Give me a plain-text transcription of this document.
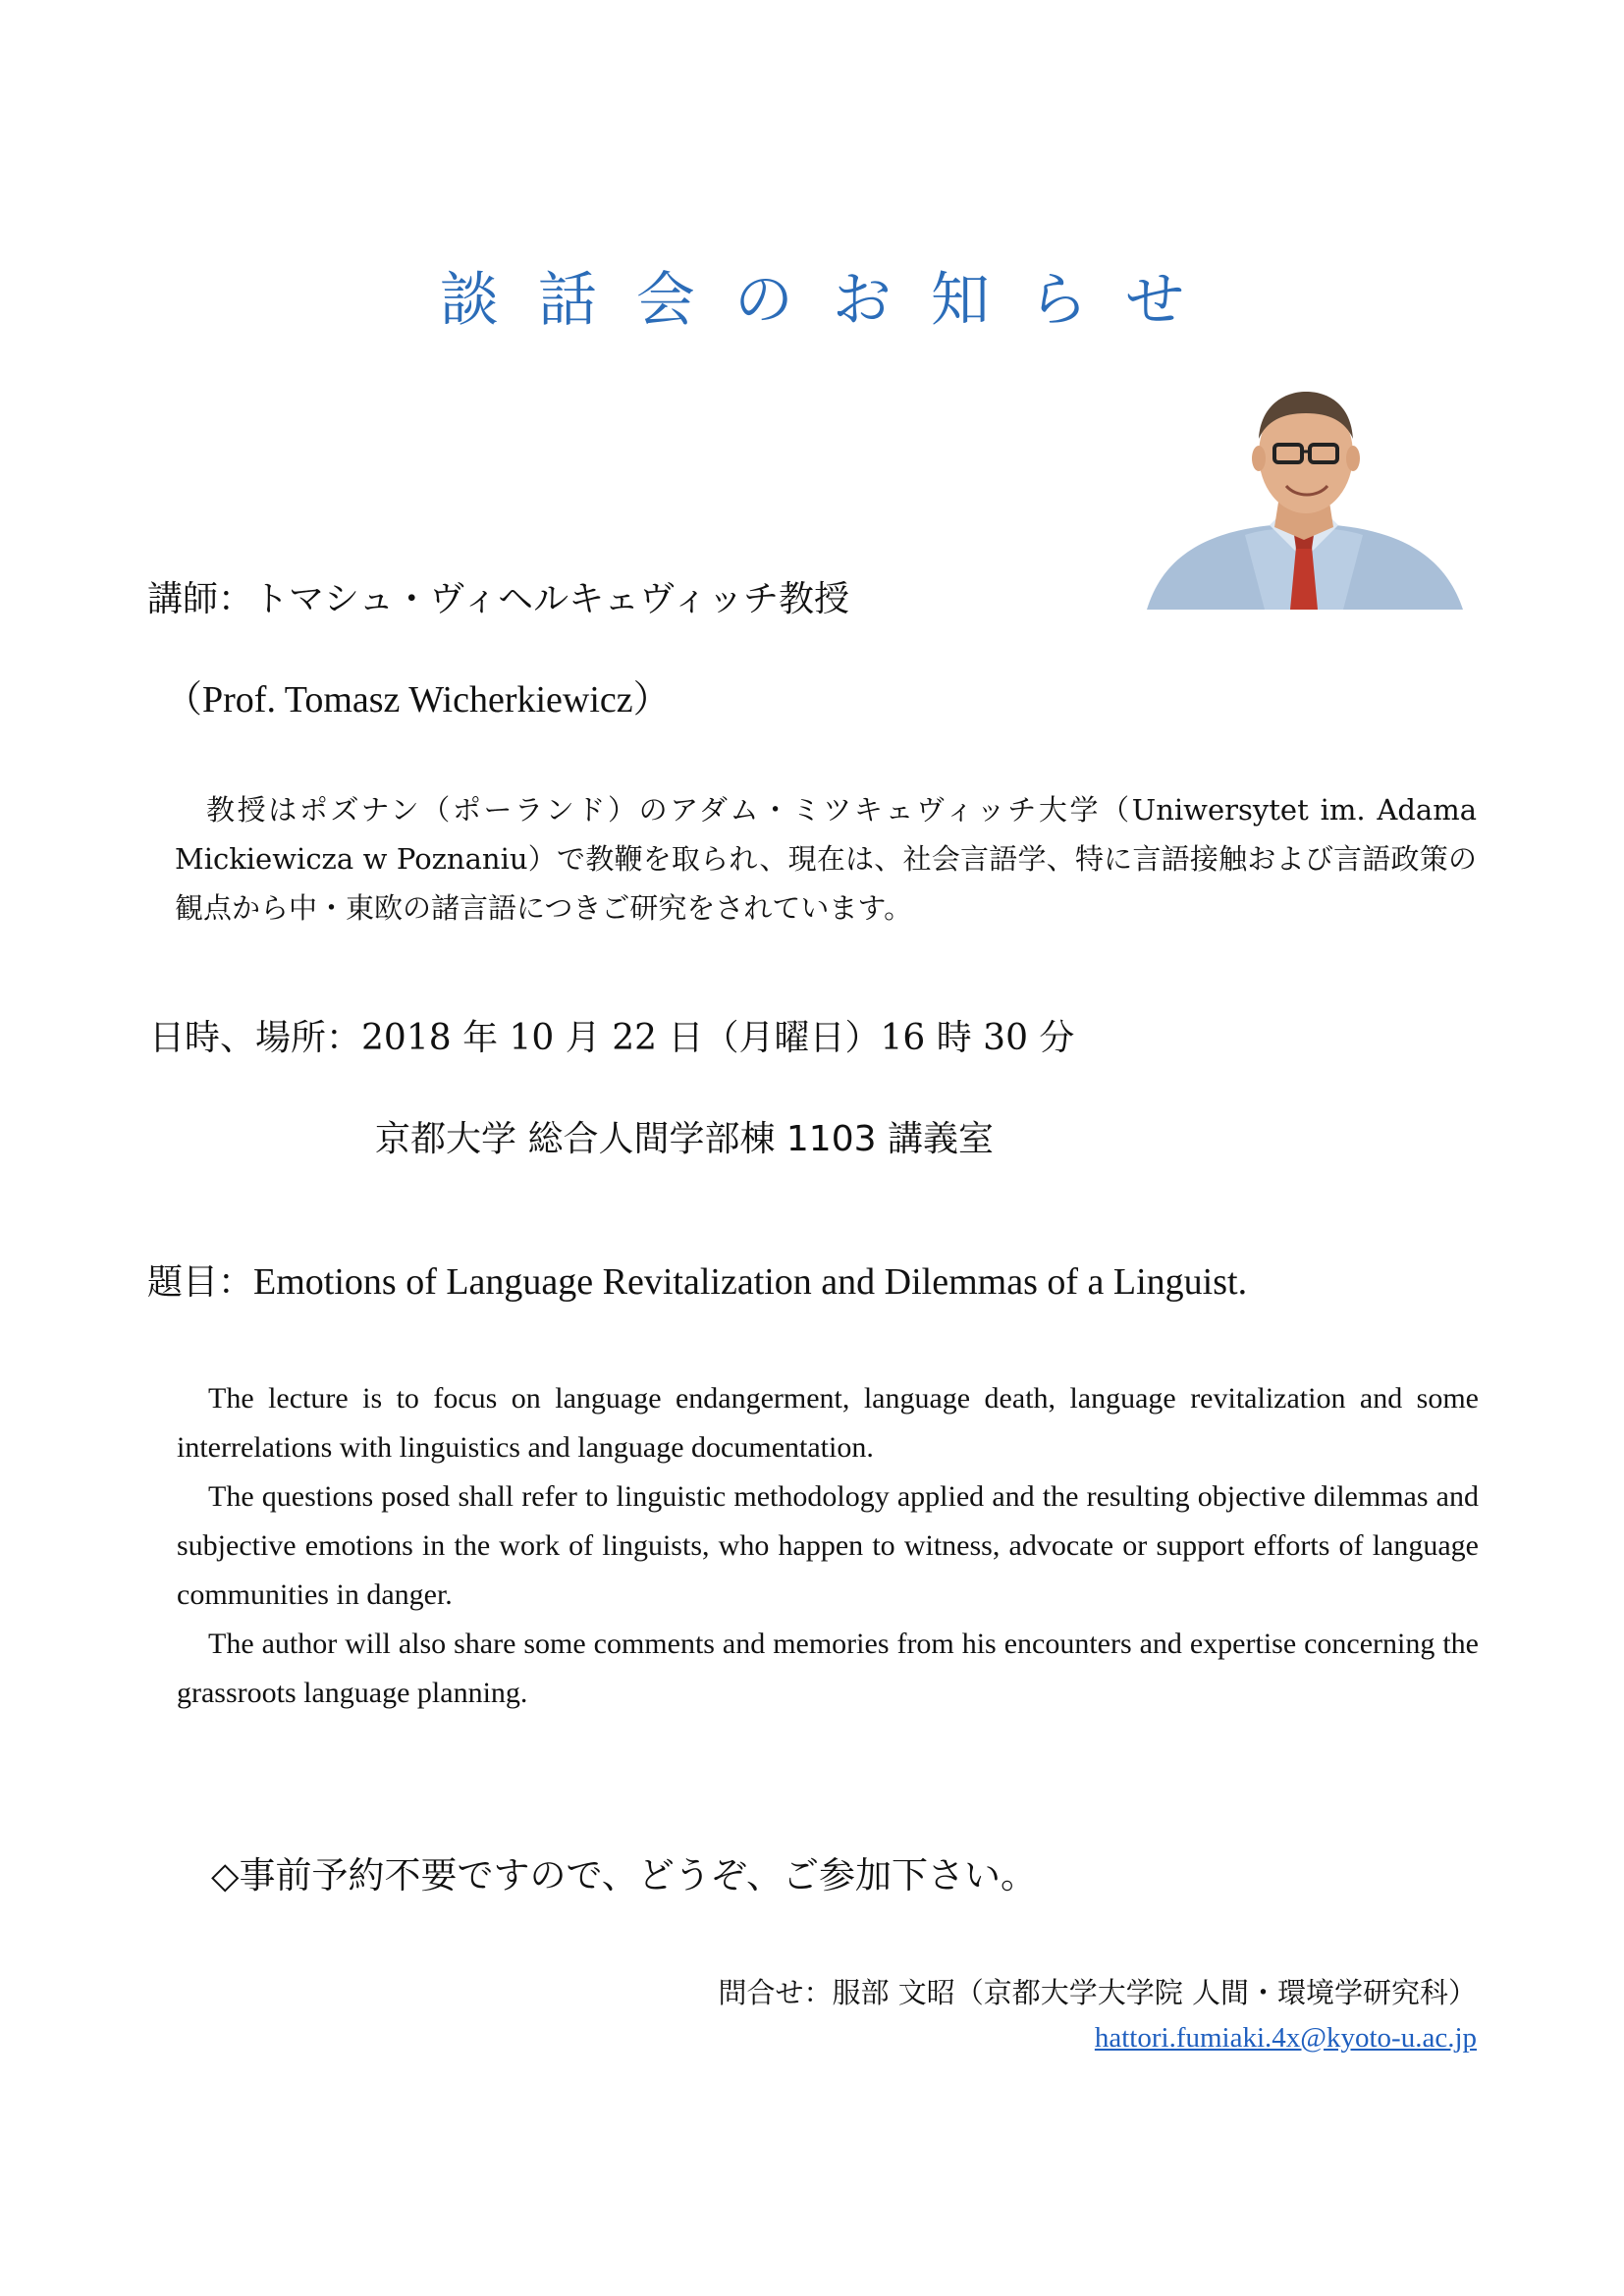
談話会のお知らせ
講師：トマシュ・ヴィヘルキェヴィッチ教授
（Prof. Tomasz Wicherkiewicz）
教授はポズナン（ポーランド）のアダム・ミツキェヴィッチ大学（Uniwersytet im. Adama Mickiewicza w Poznaniu）で教鞭を取られ、現在は、社会言語学、特に言語接触および言語政策の観点から中・東欧の諸言語につきご研究をされています。
日時、場所：2018 年 10 月 22 日（月曜日）16 時 30 分
京都大学 総合人間学部棟 1103 講義室
題目：Emotions of Language Revitalization and Dilemmas of a Linguist.

The lecture is to focus on language endangerment, language death, language revitalization and some interrelations with linguistics and language documentation.

The questions posed shall refer to linguistic methodology applied and the resulting objective dilemmas and subjective emotions in the work of linguists, who happen to witness, advocate or support efforts of language communities in danger.

The author will also share some comments and memories from his encounters and expertise concerning the grassroots language planning.

◇事前予約不要ですので、どうぞ、ご参加下さい。
問合せ：服部 文昭（京都大学大学院 人間・環境学研究科）
hattori.fumiaki.4x@kyoto-u.ac.jp
